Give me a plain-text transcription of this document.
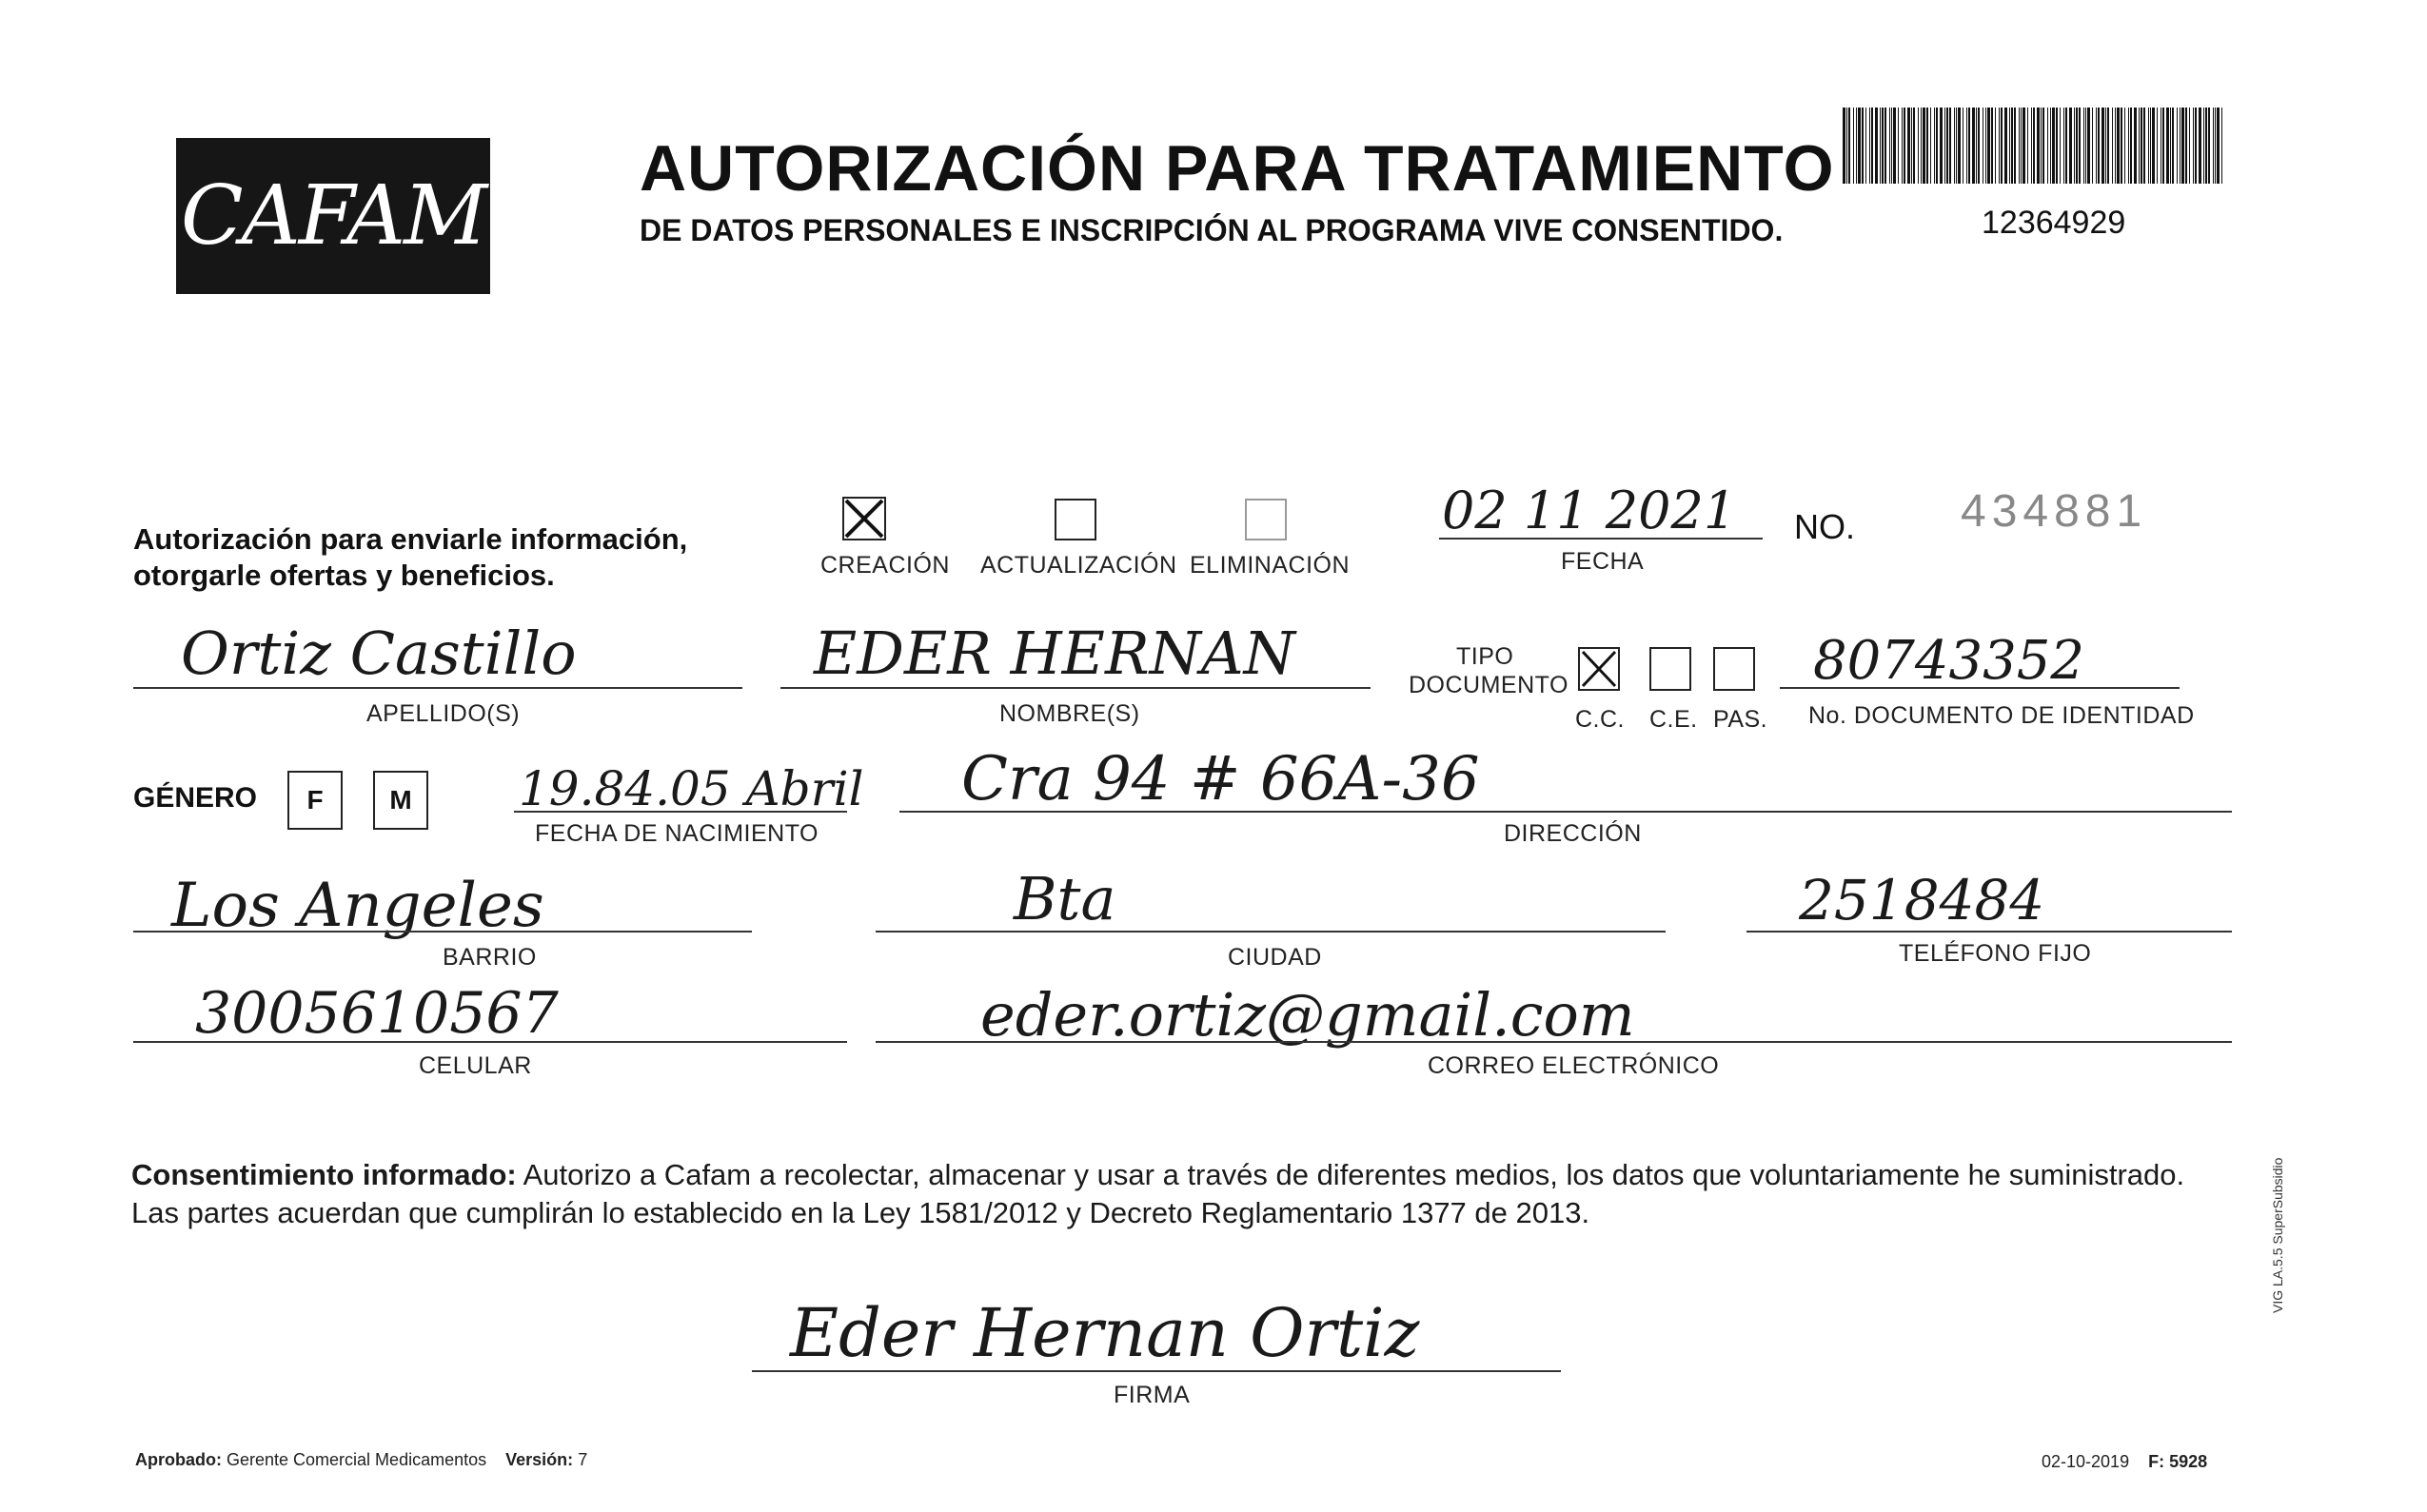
CAFAM AUTORIZACIÓN PARA TRATAMIENTO
DE DATOS PERSONALES E INSCRIPCIÓN AL PROGRAMA VIVE CONSENTIDO.	12364929
Autorización para enviarle información,
otorgarle ofertas y beneficios.	CREACIÓN ACTUALIZACIÓN ELIMINACIÓN
02 11 2021
FECHA
NO. 434881
Ortiz Castillo
APELLIDO(S)
EDER HERNAN
NOMBRE(S)
TIPO
DOCUMENTO
C.C. C.E. PAS.
80743352
No. DOCUMENTO DE IDENTIDAD
GÉNERO	F	M	19.84.05 Abril
FECHA DE NACIMIENTO
Cra 94 # 66A-36
DIRECCIÓN
Los Angeles
BARRIO
Bta
CIUDAD
2518484
TELÉFONO FIJO
3005610567
CELULAR
eder.ortiz@gmail.com
CORREO ELECTRÓNICO
Consentimiento informado: Autorizo a Cafam a recolectar, almacenar y usar a través de diferentes medios, los datos que voluntariamente he suministrado. Las partes acuerdan que cumplirán lo establecido en la Ley 1581/2012 y Decreto Reglamentario 1377 de 2013.
Eder Hernan Ortiz
FIRMA
Aprobado: Gerente Comercial Medicamentos Versión: 7	02-10-2019 F: 5928
VIG LA.5.5 SuperSubsidio
